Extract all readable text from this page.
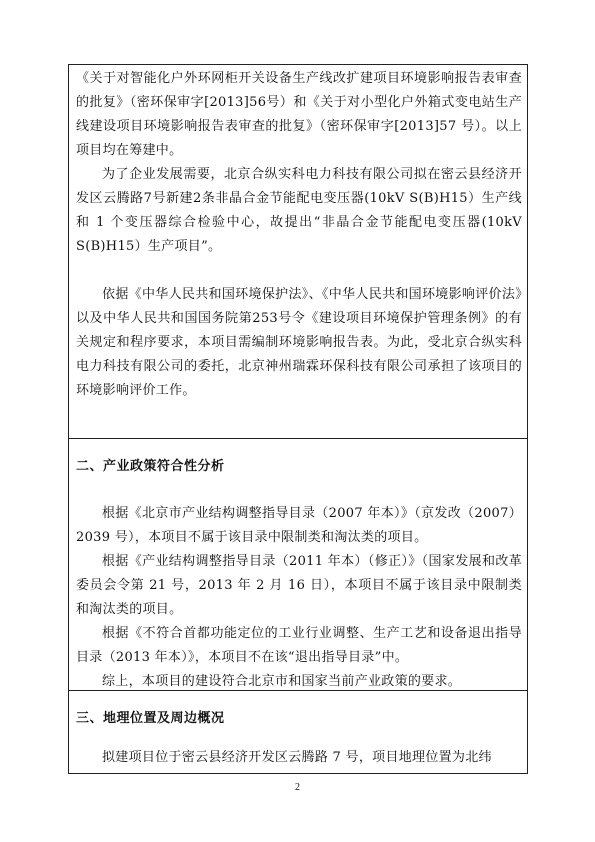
《关于对智能化户外环网柜开关设备生产线改扩建项目环境影响报告表审查的批复》（密环保审字[2013]56号）和《关于对小型化户外箱式变电站生产线建设项目环境影响报告表审查的批复》（密环保审字[2013]57 号）。以上项目均在筹建中。

为了企业发展需要，北京合纵实科电力科技有限公司拟在密云县经济开发区云腾路7号新建2条非晶合金节能配电变压器(10kV S(B)H15）生产线和 1 个变压器综合检验中心，故提出“非晶合金节能配电变压器(10kV S(B)H15）生产项目”。

依据《中华人民共和国环境保护法》、《中华人民共和国环境影响评价法》以及中华人民共和国国务院第253号令《建设项目环境保护管理条例》的有关规定和程序要求，本项目需编制环境影响报告表。为此，受北京合纵实科电力科技有限公司的委托，北京神州瑞霖环保科技有限公司承担了该项目的环境影响评价工作。

二、产业政策符合性分析

根据《北京市产业结构调整指导目录（2007 年本）》（京发改（2007）2039 号），本项目不属于该目录中限制类和淘汰类的项目。

根据《产业结构调整指导目录（2011 年本）（修正）》（国家发展和改革委员会令第 21 号，2013 年 2 月 16 日），本项目不属于该目录中限制类和淘汰类的项目。

根据《不符合首都功能定位的工业行业调整、生产工艺和设备退出指导目录（2013 年本）》，本项目不在该“退出指导目录”中。

综上，本项目的建设符合北京市和国家当前产业政策的要求。

三、地理位置及周边概况

拟建项目位于密云县经济开发区云腾路 7 号，项目地理位置为北纬

2
